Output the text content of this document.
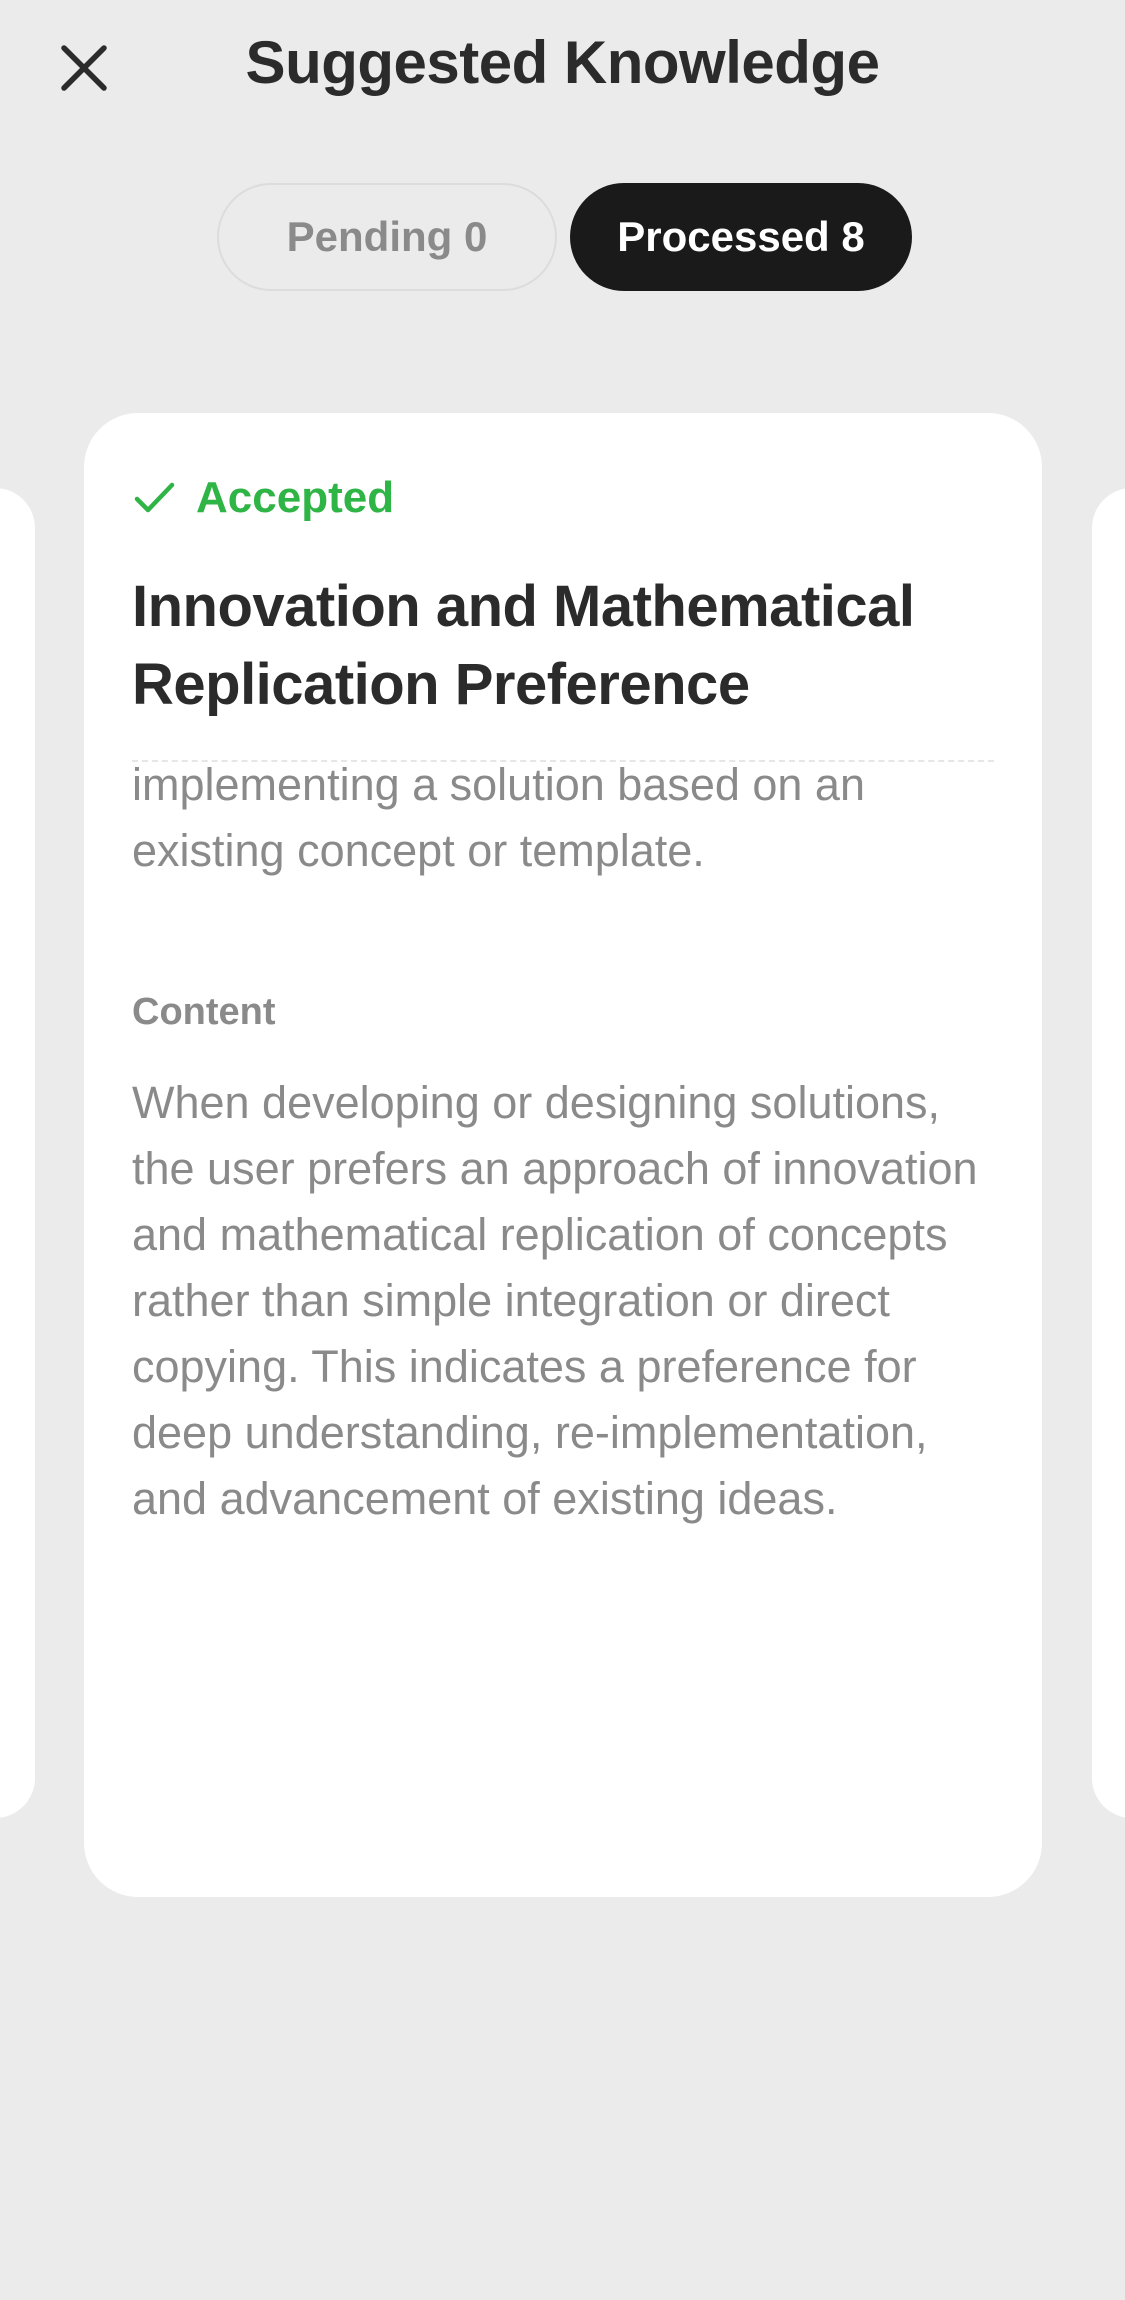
Suggested Knowledge
Pending 0	Processed 8
Accepted
Innovation and Mathematical Replication Preference
implementing a solution based on an existing concept or template.
Content
When developing or designing solutions, the user prefers an approach of innovation and mathematical replication of concepts rather than simple integration or direct copying. This indicates a preference for deep understanding, re-implementation, and advancement of existing ideas.
